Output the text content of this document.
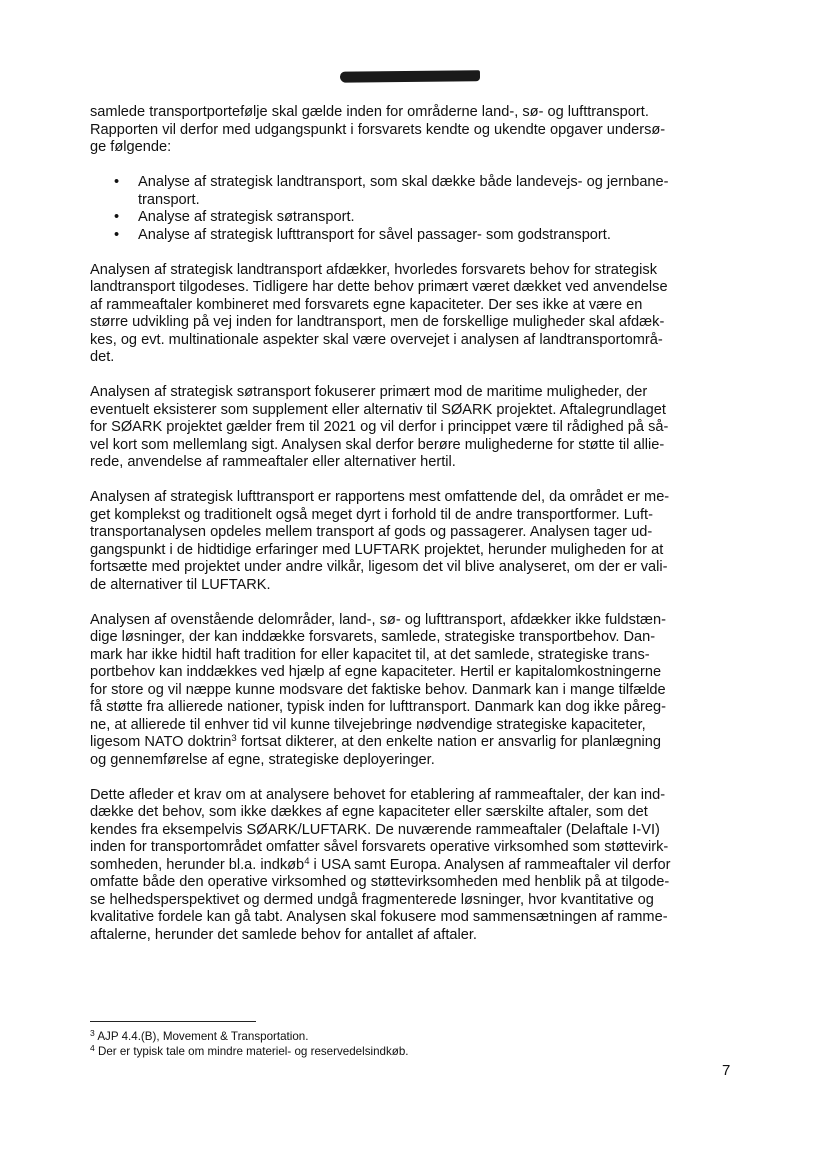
samlede transportportefølje skal gælde inden for områderne land-, sø- og lufttransport.
Rapporten vil derfor med udgangspunkt i forsvarets kendte og ukendte opgaver undersø-
ge følgende:

• Analyse af strategisk landtransport, som skal dække både landevejs- og jernbane-
transport.
• Analyse af strategisk søtransport.
• Analyse af strategisk lufttransport for såvel passager- som godstransport.

Analysen af strategisk landtransport afdækker, hvorledes forsvarets behov for strategisk
landtransport tilgodeses. Tidligere har dette behov primært været dækket ved anvendelse
af rammeaftaler kombineret med forsvarets egne kapaciteter. Der ses ikke at være en
større udvikling på vej inden for landtransport, men de forskellige muligheder skal afdæk-
kes, og evt. multinationale aspekter skal være overvejet i analysen af landtransportområ-
det.

Analysen af strategisk søtransport fokuserer primært mod de maritime muligheder, der
eventuelt eksisterer som supplement eller alternativ til SØARK projektet. Aftalegrundlaget
for SØARK projektet gælder frem til 2021 og vil derfor i princippet være til rådighed på så-
vel kort som mellemlang sigt. Analysen skal derfor berøre mulighederne for støtte til allie-
rede, anvendelse af rammeaftaler eller alternativer hertil.

Analysen af strategisk lufttransport er rapportens mest omfattende del, da området er me-
get komplekst og traditionelt også meget dyrt i forhold til de andre transportformer. Luft-
transportanalysen opdeles mellem transport af gods og passagerer. Analysen tager ud-
gangspunkt i de hidtidige erfaringer med LUFTARK projektet, herunder muligheden for at
fortsætte med projektet under andre vilkår, ligesom det vil blive analyseret, om der er vali-
de alternativer til LUFTARK.

Analysen af ovenstående delområder, land-, sø- og lufttransport, afdækker ikke fuldstæn-
dige løsninger, der kan inddække forsvarets, samlede, strategiske transportbehov. Dan-
mark har ikke hidtil haft tradition for eller kapacitet til, at det samlede, strategiske trans-
portbehov kan inddækkes ved hjælp af egne kapaciteter. Hertil er kapitalomkostningerne
for store og vil næppe kunne modsvare det faktiske behov. Danmark kan i mange tilfælde
få støtte fra allierede nationer, typisk inden for lufttransport. Danmark kan dog ikke påreg-
ne, at allierede til enhver tid vil kunne tilvejebringe nødvendige strategiske kapaciteter,
ligesom NATO doktrin$^3$ fortsat dikterer, at den enkelte nation er ansvarlig for planlægning
og gennemførelse af egne, strategiske deployeringer.

Dette afleder et krav om at analysere behovet for etablering af rammeaftaler, der kan ind-
dække det behov, som ikke dækkes af egne kapaciteter eller særskilte aftaler, som det
kendes fra eksempelvis SØARK/LUFTARK. De nuværende rammeaftaler (Delaftale I-VI)
inden for transportområdet omfatter såvel forsvarets operative virksomhed som støttevirk-
somheden, herunder bl.a. indkøb$^4$ i USA samt Europa. Analysen af rammeaftaler vil derfor
omfatte både den operative virksomhed og støttevirksomheden med henblik på at tilgode-
se helhedsperspektivet og dermed undgå fragmenterede løsninger, hvor kvantitative og
kvalitative fordele kan gå tabt. Analysen skal fokusere mod sammensætningen af ramme-
aftalerne, herunder det samlede behov for antallet af aftaler.

$^3$ AJP 4.4.(B), Movement & Transportation.
$^4$ Der er typisk tale om mindre materiel- og reservedelsindkøb.
7
